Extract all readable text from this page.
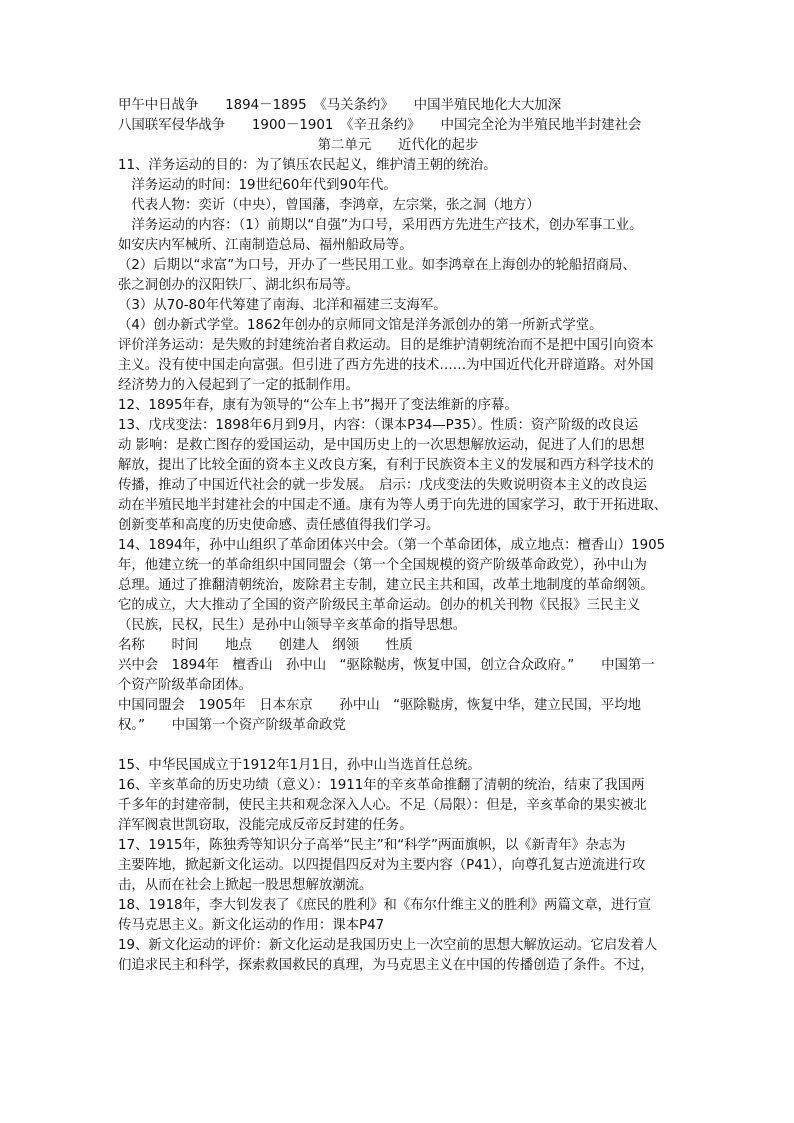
甲午中日战争　　1894－1895　《马关条约》　　中国半殖民地化大大加深

八国联军侵华战争　　1900－1901　《辛丑条约》　　中国完全沦为半殖民地半封建社会

第二单元　　近代化的起步

11、洋务运动的目的：为了镇压农民起义，维护清王朝的统治。

　洋务运动的时间：19世纪60年代到90年代。

　代表人物：奕䜣（中央），曾国藩，李鸿章，左宗棠，张之洞（地方）

　洋务运动的内容：（1）前期以“自强”为口号，采用西方先进生产技术，创办军事工业。

如安庆内军械所、江南制造总局、福州船政局等。

（2）后期以“求富”为口号，开办了一些民用工业。如李鸿章在上海创办的轮船招商局、

张之洞创办的汉阳铁厂、湖北织布局等。

（3）从70-80年代筹建了南海、北洋和福建三支海军。

（4）创办新式学堂。1862年创办的京师同文馆是洋务派创办的第一所新式学堂。

评价洋务运动：是失败的封建统治者自救运动。目的是维护清朝统治而不是把中国引向资本

主义。没有使中国走向富强。但引进了西方先进的技术……为中国近代化开辟道路。对外国

经济势力的入侵起到了一定的抵制作用。

12、1895年春，康有为领导的“公车上书”揭开了变法维新的序幕。

13、戊戌变法：1898年6月到9月，内容：（课本P34—P35）。性质：资产阶级的改良运

动 影响：是救亡图存的爱国运动，是中国历史上的一次思想解放运动，促进了人们的思想

解放，提出了比较全面的资本主义改良方案，有利于民族资本主义的发展和西方科学技术的

传播，推动了中国近代社会的就一步发展。　启示：戊戌变法的失败说明资本主义的改良运

动在半殖民地半封建社会的中国走不通。康有为等人勇于向先进的国家学习，敢于开拓进取、

创新变革和高度的历史使命感、责任感值得我们学习。

14、1894年，孙中山组织了革命团体兴中会。（第一个革命团体，成立地点：檀香山）1905

年，他建立统一的革命组织中国同盟会（第一个全国规模的资产阶级革命政党），孙中山为

总理。通过了推翻清朝统治，废除君主专制，建立民主共和国，改革土地制度的革命纲领。

它的成立，大大推动了全国的资产阶级民主革命运动。创办的机关刊物《民报》三民主义

（民族，民权，民生）是孙中山领导辛亥革命的指导思想。

名称　　时间　　地点　　创建人　纲领　　性质

兴中会　1894年　檀香山　孙中山　“驱除鞑虏，恢复中国，创立合众政府。”　　中国第一

个资产阶级革命团体。

中国同盟会　1905年　日本东京　　孙中山　“驱除鞑虏，恢复中华，建立民国，平均地

权。”　　中国第一个资产阶级革命政党

15、中华民国成立于1912年1月1日，孙中山当选首任总统。

16、辛亥革命的历史功绩（意义）：1911年的辛亥革命推翻了清朝的统治，结束了我国两

千多年的封建帝制，使民主共和观念深入人心。不足（局限）：但是，辛亥革命的果实被北

洋军阀袁世凯窃取，没能完成反帝反封建的任务。

17、1915年，陈独秀等知识分子高举“民主”和“科学”两面旗帜，以《新青年》杂志为

主要阵地，掀起新文化运动。以四提倡四反对为主要内容（P41），向尊孔复古逆流进行攻

击，从而在社会上掀起一股思想解放潮流。

18、1918年，李大钊发表了《庶民的胜利》和《布尔什维主义的胜利》两篇文章，进行宣

传马克思主义。新文化运动的作用：课本P47

19、新文化运动的评价：新文化运动是我国历史上一次空前的思想大解放运动。它启发着人

们追求民主和科学，探索救国救民的真理，为马克思主义在中国的传播创造了条件。不过，
